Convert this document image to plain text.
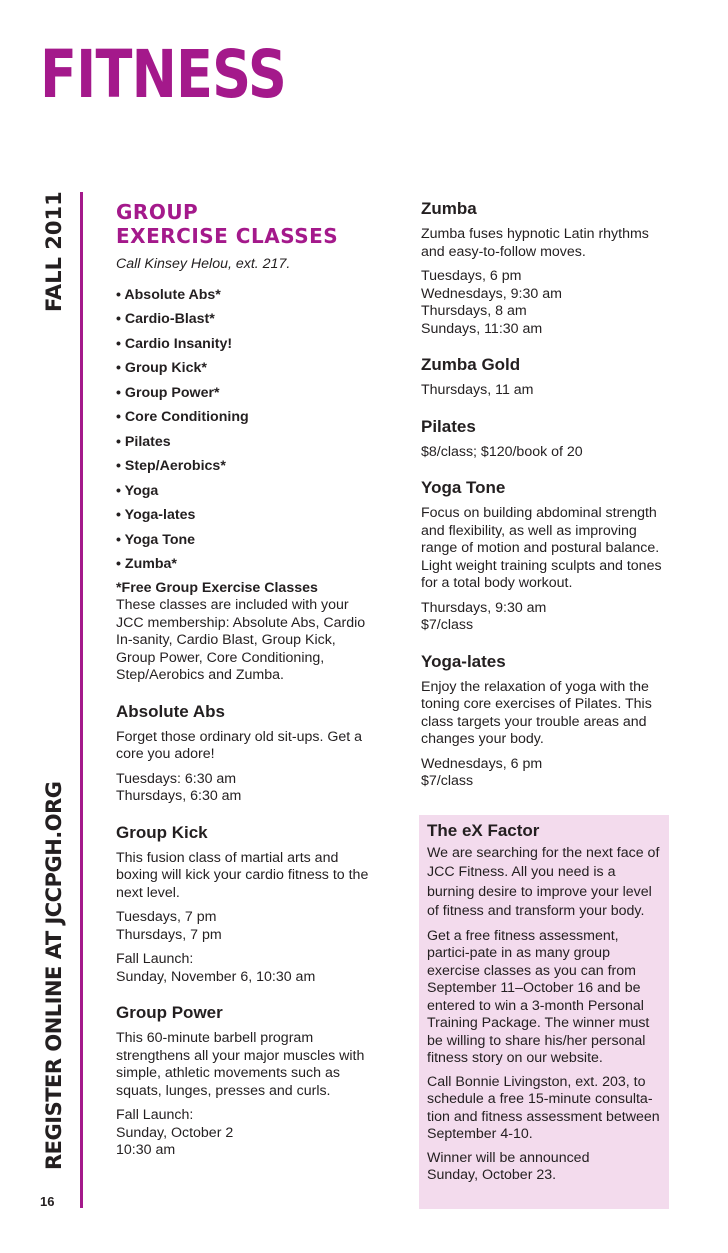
FITNESS
FALL 2011
REGISTER ONLINE AT JCCPGH.ORG
16
GROUP
EXERCISE CLASSES
Call Kinsey Helou, ext. 217.
• Absolute Abs*
• Cardio-Blast*
• Cardio Insanity!
• Group Kick*
• Group Power*
• Core Conditioning
• Pilates
• Step/Aerobics*
• Yoga
• Yoga-lates
• Yoga Tone
• Zumba*
*Free Group Exercise Classes
These classes are included with your JCC membership: Absolute Abs, Cardio In-sanity, Cardio Blast, Group Kick, Group Power, Core Conditioning, Step/Aerobics and Zumba.
Absolute Abs
Forget those ordinary old sit-ups. Get a core you adore!
Tuesdays: 6:30 am
Thursdays, 6:30 am
Group Kick
This fusion class of martial arts and boxing will kick your cardio fitness to the next level.
Tuesdays, 7 pm
Thursdays, 7 pm
Fall Launch:
Sunday, November 6, 10:30 am
Group Power
This 60-minute barbell program strengthens all your major muscles with simple, athletic movements such as squats, lunges, presses and curls.
Fall Launch:
Sunday, October 2
10:30 am
Zumba
Zumba fuses hypnotic Latin rhythms and easy-to-follow moves.
Tuesdays, 6 pm
Wednesdays, 9:30 am
Thursdays, 8 am
Sundays, 11:30 am
Zumba Gold
Thursdays, 11 am
Pilates
$8/class; $120/book of 20
Yoga Tone
Focus on building abdominal strength and flexibility, as well as improving range of motion and postural balance. Light weight training sculpts and tones for a total body workout.
Thursdays, 9:30 am
$7/class
Yoga-lates
Enjoy the relaxation of yoga with the toning core exercises of Pilates. This class targets your trouble areas and changes your body.
Wednesdays, 6 pm
$7/class
The eX Factor
We are searching for the next face of JCC Fitness. All you need is a burning desire to improve your level of fitness and transform your body.
Get a free fitness assessment, partici-pate in as many group exercise classes as you can from September 11–October 16 and be entered to win a 3-month Personal Training Package. The winner must be willing to share his/her personal fitness story on our website.
Call Bonnie Livingston, ext. 203, to schedule a free 15-minute consulta-tion and fitness assessment between September 4-10.
Winner will be announced
Sunday, October 23.
